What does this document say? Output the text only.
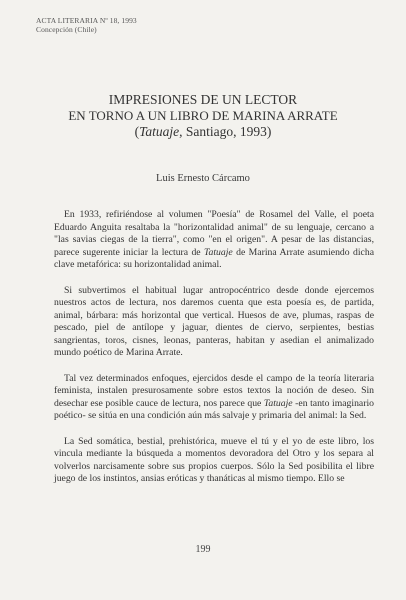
ACTA LITERARIA Nº 18, 1993
Concepción (Chile)
IMPRESIONES DE UN LECTOR
EN TORNO A UN LIBRO DE MARINA ARRATE
(Tatuaje, Santiago, 1993)
Luis Ernesto Cárcamo

En 1933, refiriéndose al volumen "Poesía" de Rosamel del Valle, el poeta Eduardo Anguita resaltaba la "horizontalidad animal" de su lenguaje, cercano a "las savias ciegas de la tierra", como "en el origen". A pesar de las distancias, parece sugerente iniciar la lectura de Tatuaje de Marina Arrate asumiendo dicha clave metafórica: su horizontalidad animal.

Si subvertimos el habitual lugar antropocéntrico desde donde ejercemos nuestros actos de lectura, nos daremos cuenta que esta poesía es, de partida, animal, bárbara: más horizontal que vertical. Huesos de ave, plumas, raspas de pescado, piel de antílope y jaguar, dientes de ciervo, serpientes, bestias sangrientas, toros, cisnes, leonas, panteras, habitan y asedian el animalizado mundo poético de Marina Arrate.

Tal vez determinados enfoques, ejercidos desde el campo de la teoría literaria feminista, instalen presurosamente sobre estos textos la noción de deseo. Sin desechar ese posible cauce de lectura, nos parece que Tatuaje -en tanto imaginario poético- se sitúa en una condición aún más salvaje y primaria del animal: la Sed.

La Sed somática, bestial, prehistórica, mueve el tú y el yo de este libro, los vincula mediante la búsqueda a momentos devoradora del Otro y los separa al volverlos narcisamente sobre sus propios cuerpos. Sólo la Sed posibilita el libre juego de los instintos, ansias eróticas y thanáticas al mismo tiempo. Ello se

199
